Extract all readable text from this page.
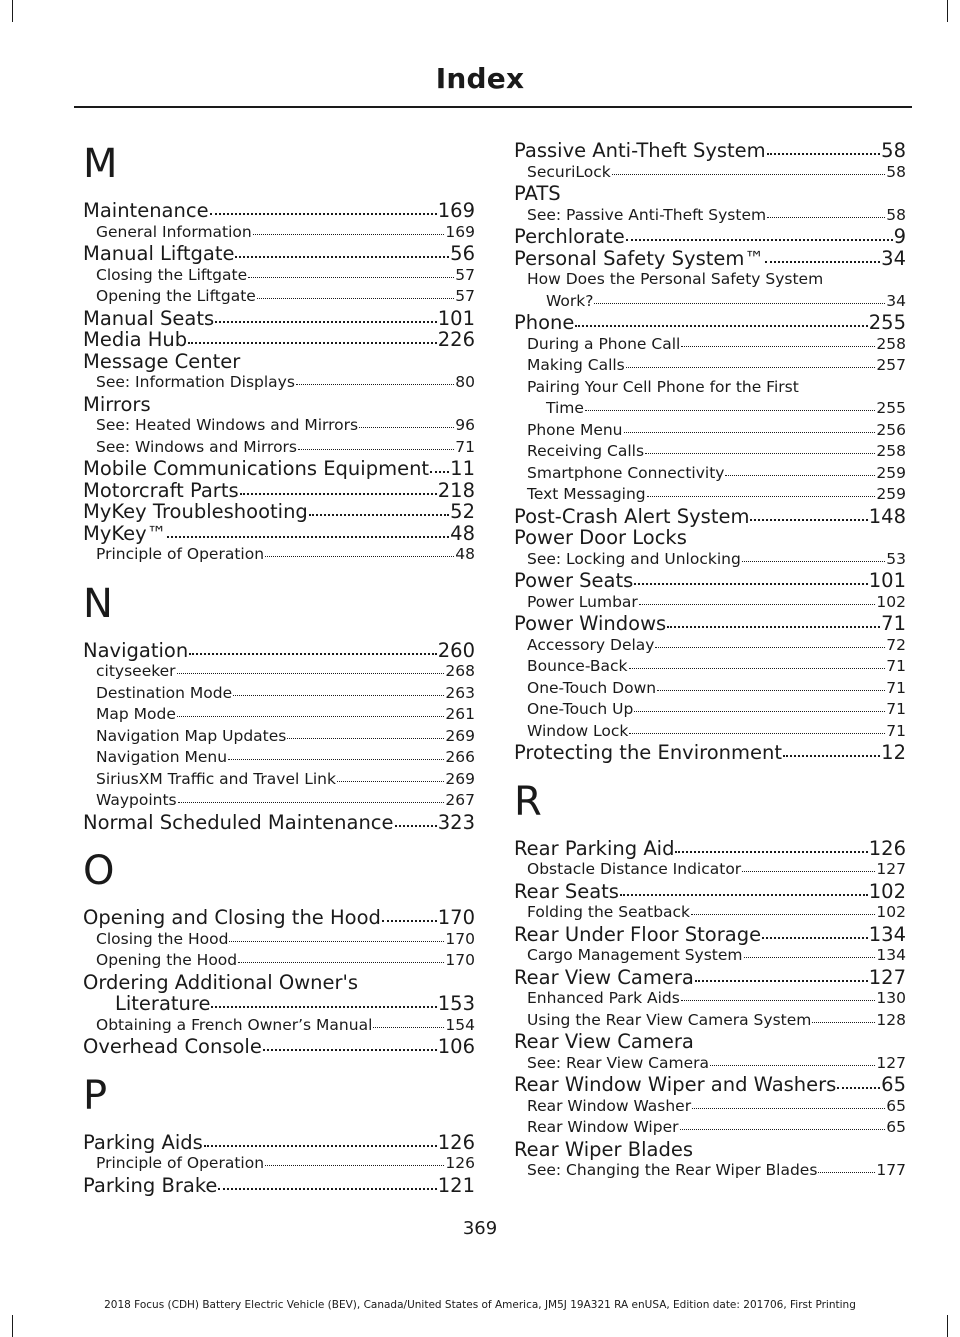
Index
M
Maintenance	169
General Information	169
Manual Liftgate	56
Closing the Liftgate	57
Opening the Liftgate	57
Manual Seats	101
Media Hub	226
Message Center
See: Information Displays	80
Mirrors
See: Heated Windows and Mirrors	96
See: Windows and Mirrors	71
Mobile Communications Equipment 11
Motorcraft Parts	218
MyKey Troubleshooting	52
MyKey™	48
Principle of Operation	48
N
Navigation	260
cityseeker	268
Destination Mode	263
Map Mode	261
Navigation Map Updates	269
Navigation Menu	266
SiriusXM Traffic and Travel Link	269
Waypoints	267
Normal Scheduled Maintenance 323
O
Opening and Closing the Hood	170
Closing the Hood	170
Opening the Hood	170
Ordering Additional Owner's
Literature	153
Obtaining a French Owner’s Manual	154
Overhead Console	106
P
Parking Aids	126
Principle of Operation	126
Parking Brake	121
Passive Anti-Theft System	58
SecuriLock	58
PATS
See: Passive Anti-Theft System	58
Perchlorate	9
Personal Safety System™	34
How Does the Personal Safety System
Work?	34
Phone	255
During a Phone Call	258
Making Calls	257
Pairing Your Cell Phone for the First
Time	255
Phone Menu	256
Receiving Calls	258
Smartphone Connectivity	259
Text Messaging	259
Post-Crash Alert System	148
Power Door Locks
See: Locking and Unlocking	53
Power Seats	101
Power Lumbar	102
Power Windows	71
Accessory Delay	72
Bounce-Back	71
One-Touch Down	71
One-Touch Up	71
Window Lock	71
Protecting the Environment	12
R
Rear Parking Aid	126
Obstacle Distance Indicator	127
Rear Seats	102
Folding the Seatback	102
Rear Under Floor Storage	134
Cargo Management System	134
Rear View Camera	127
Enhanced Park Aids	130
Using the Rear View Camera System	128
Rear View Camera
See: Rear View Camera	127
Rear Window Wiper and Washers 65
Rear Window Washer	65
Rear Window Wiper	65
Rear Wiper Blades
See: Changing the Rear Wiper Blades	177
369
2018 Focus (CDH) Battery Electric Vehicle (BEV), Canada/United States of America, JM5J 19A321 RA enUSA, Edition date: 201706, First Printing
